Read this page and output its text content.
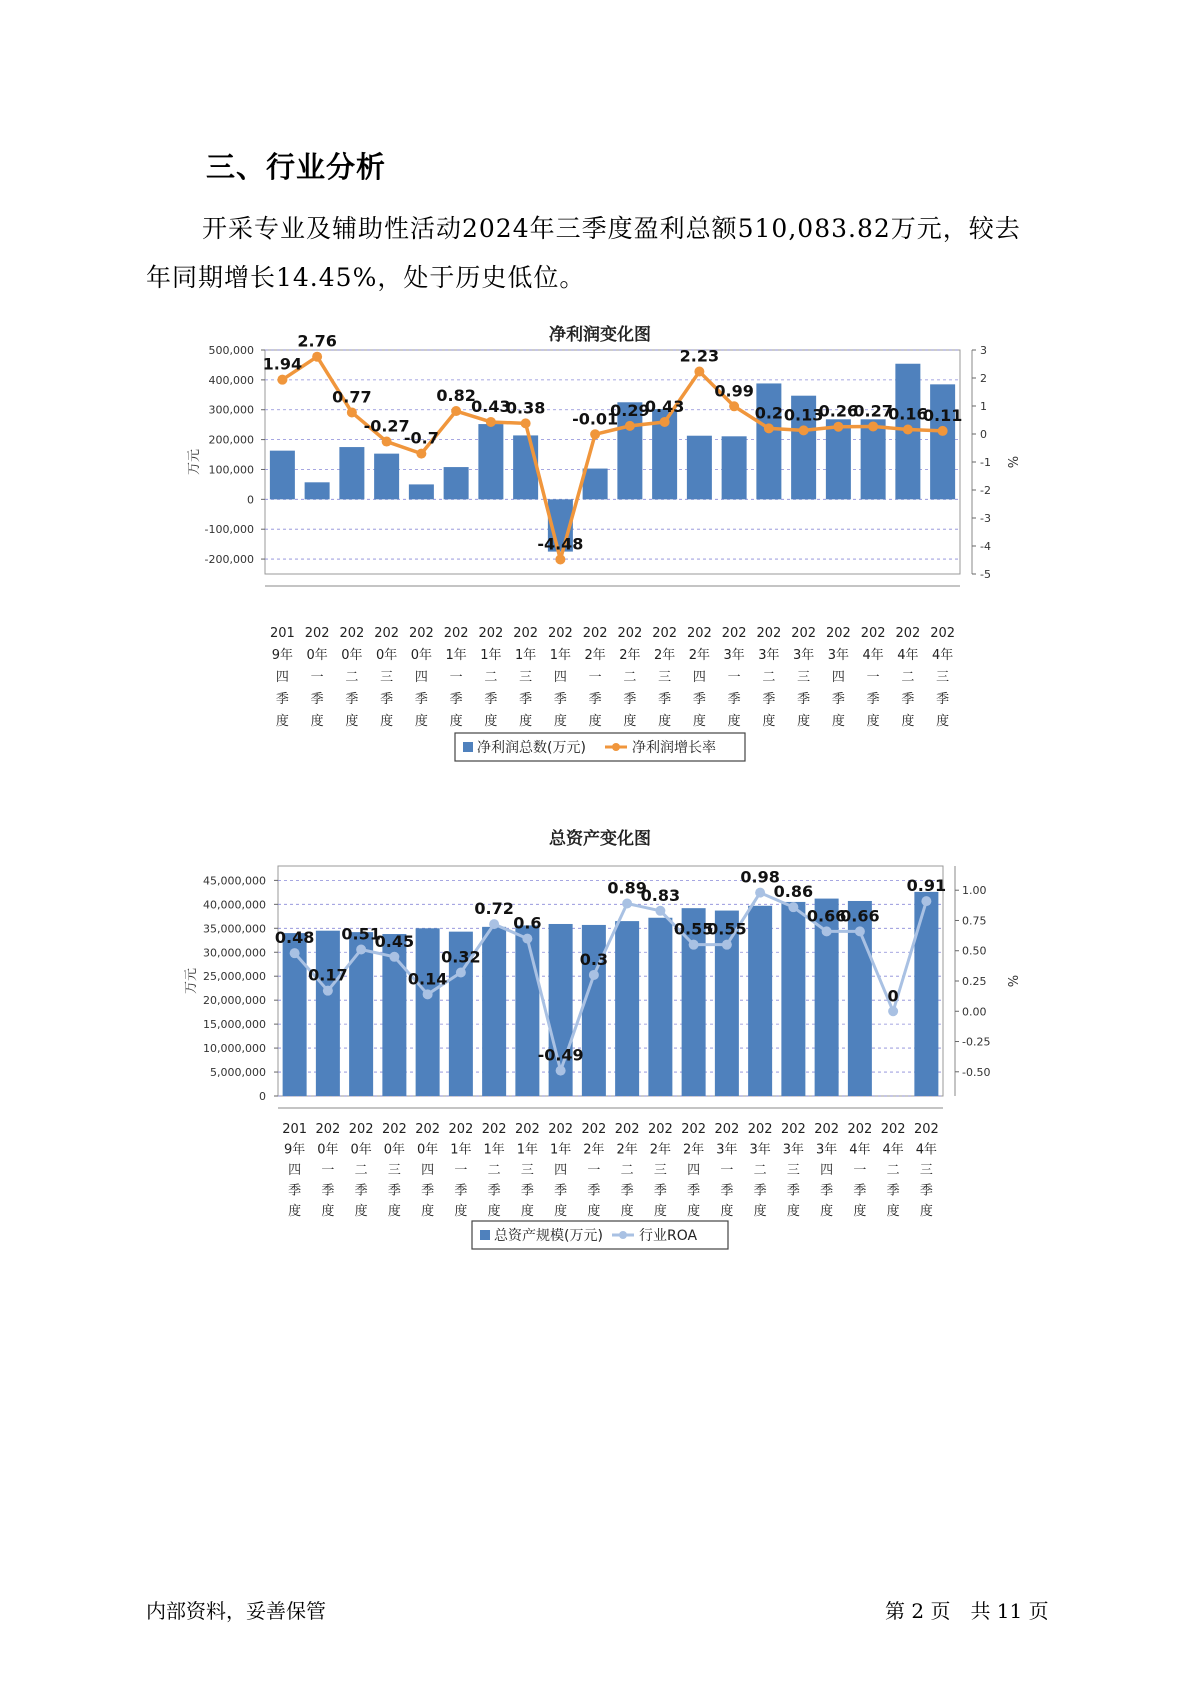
三、行业分析
开采专业及辅助性活动2024年三季度盈利总额510,083.82万元，较去年同期增长14.45%，处于历史低位。
净利润变化图
500,000
400,000
300,000
200,000
100,000
0
-100,000
-200,000
3
2
1
0
-1
-2
-3
-4
-5
万元	%
1.94
2.76
0.77
-0.27
-0.7
0.82
0.43
0.38
-4.48
-0.01
0.29
0.43
2.23
0.99
0.2 0.13
0.26
0.27
0.16
0.11
201 9年四季度
202 0年一季度
202 0年二季度
202 0年三季度
202 0年四季度
202 1年一季度
202 1年二季度
202 1年三季度
202 1年四季度
202 2年一季度
202 2年二季度
202 2年三季度
202 2年四季度
202 3年一季度
202 3年二季度
202 3年三季度
202 3年四季度
202 4年一季度
202 4年二季度
202 4年三季度
净利润总数(万元)	净利润增长率
总资产变化图
45,000,000
40,000,000
35,000,000
30,000,000
25,000,000
20,000,000
15,000,000
10,000,000
5,000,000
0
1.00
0.75
0.50
0.25
0.00
-0.25
-0.50
万元	%
0.48
0.17
0.51
0.45
0.14
0.32
0.72
0.6
-0.49
0.3
0.89
0.83
0.55
0.55
0.98
0.86
0.66
0.66
0
0.91
201 9年四季度
202 0年一季度
202 0年二季度
202 0年三季度
202 0年四季度
202 1年一季度
202 1年二季度
202 1年三季度
202 1年四季度
202 2年一季度
202 2年二季度
202 2年三季度
202 2年四季度
202 3年一季度
202 3年二季度
202 3年三季度
202 3年四季度
202 4年一季度
202 4年二季度
202 4年三季度
总资产规模(万元)	行业ROA
内部资料，妥善保管	第 2 页　共 11 页
